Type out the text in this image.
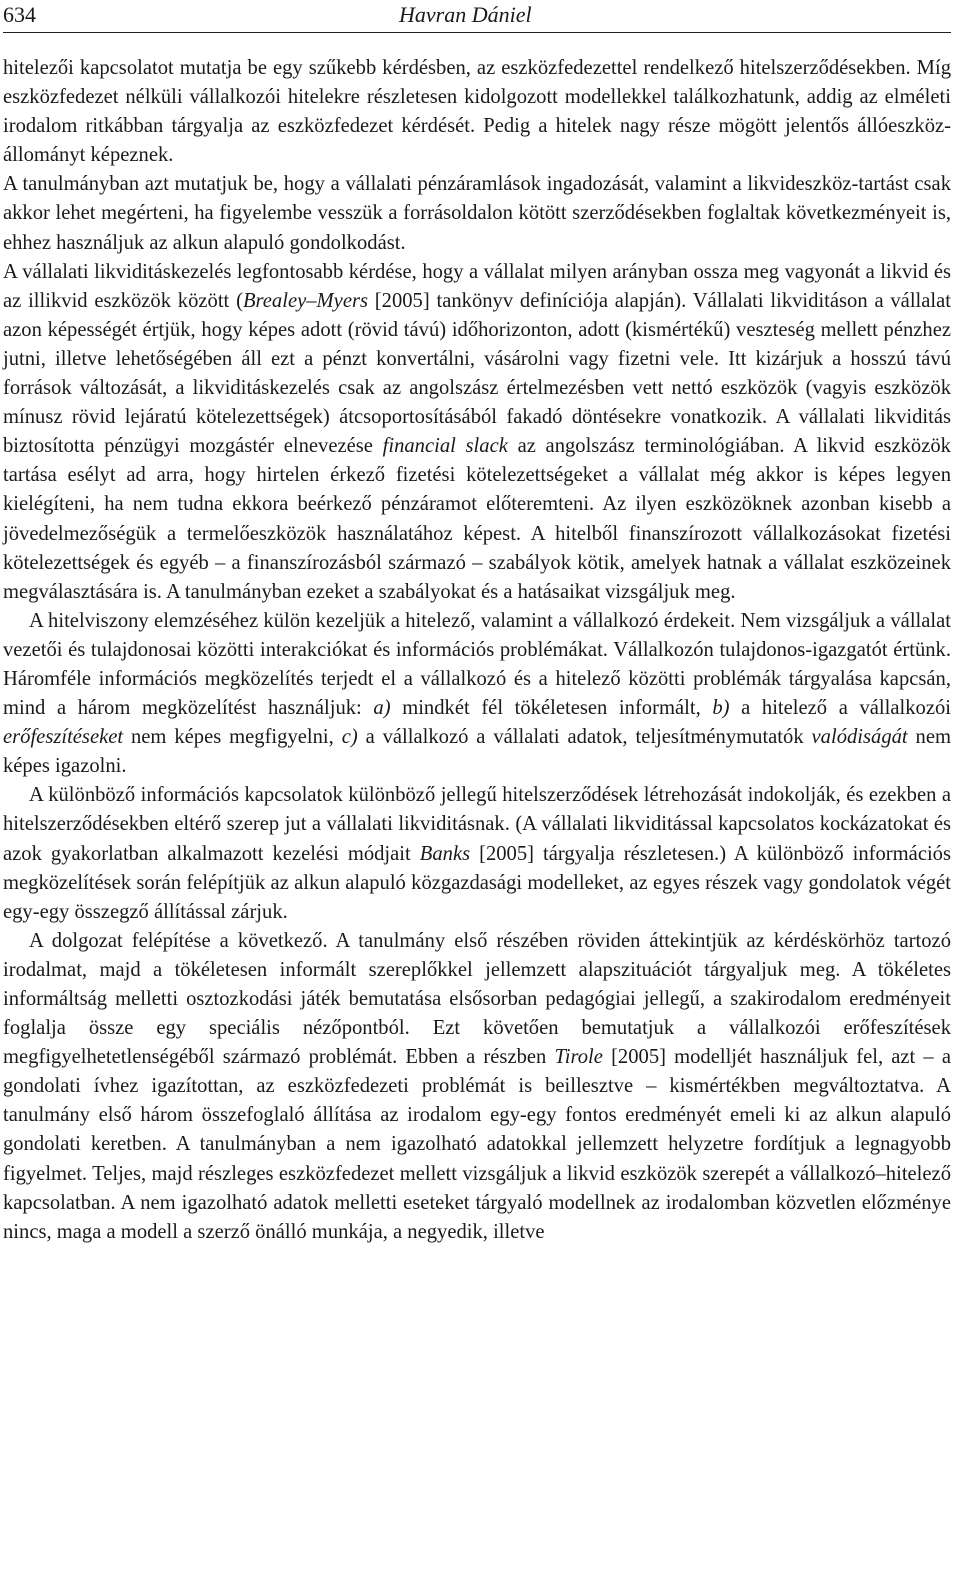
634	Havran Dániel

hitelezői kapcsolatot mutatja be egy szűkebb kérdésben, az eszközfedezettel rendelkező hitelszerződésekben. Míg eszközfedezet nélküli vállalkozói hitelekre részletesen kidolgozott modellekkel találkozhatunk, addig az elméleti irodalom ritkábban tárgyalja az eszközfedezet kérdését. Pedig a hitelek nagy része mögött jelentős állóeszköz-állományt képeznek.

A tanulmányban azt mutatjuk be, hogy a vállalati pénzáramlások ingadozását, valamint a likvideszköz-tartást csak akkor lehet megérteni, ha figyelembe vesszük a forrásoldalon kötött szerződésekben foglaltak következményeit is, ehhez használjuk az alkun alapuló gondolkodást.

A vállalati likviditáskezelés legfontosabb kérdése, hogy a vállalat milyen arányban ossza meg vagyonát a likvid és az illikvid eszközök között (Brealey–Myers [2005] tankönyv definíciója alapján). Vállalati likviditáson a vállalat azon képességét értjük, hogy képes adott (rövid távú) időhorizonton, adott (kismértékű) veszteség mellett pénzhez jutni, illetve lehetőségében áll ezt a pénzt konvertálni, vásárolni vagy fizetni vele. Itt kizárjuk a hosszú távú források változását, a likviditáskezelés csak az angolszász értelmezésben vett nettó eszközök (vagyis eszközök mínusz rövid lejáratú kötelezettségek) átcsoportosításából fakadó döntésekre vonatkozik. A vállalati likviditás biztosította pénzügyi mozgástér elnevezése financial slack az angolszász terminológiában. A likvid eszközök tartása esélyt ad arra, hogy hirtelen érkező fizetési kötelezettségeket a vállalat még akkor is képes legyen kielégíteni, ha nem tudna ekkora beérkező pénzáramot előteremteni. Az ilyen eszközöknek azonban kisebb a jövedelmezőségük a termelőeszközök használatához képest. A hitelből finanszírozott vállalkozásokat fizetési kötelezettségek és egyéb – a finanszírozásból származó – szabályok kötik, amelyek hatnak a vállalat eszközeinek megválasztására is. A tanulmányban ezeket a szabályokat és a hatásaikat vizsgáljuk meg.

A hitelviszony elemzéséhez külön kezeljük a hitelező, valamint a vállalkozó érdekeit. Nem vizsgáljuk a vállalat vezetői és tulajdonosai közötti interakciókat és információs problémákat. Vállalkozón tulajdonos-igazgatót értünk. Háromféle információs megközelítés terjedt el a vállalkozó és a hitelező közötti problémák tárgyalása kapcsán, mind a három megközelítést használjuk: a) mindkét fél tökéletesen informált, b) a hitelező a vállalkozói erőfeszítéseket nem képes megfigyelni, c) a vállalkozó a vállalati adatok, teljesítménymutatók valódiságát nem képes igazolni.

A különböző információs kapcsolatok különböző jellegű hitelszerződések létrehozását indokolják, és ezekben a hitelszerződésekben eltérő szerep jut a vállalati likviditásnak. (A vállalati likviditással kapcsolatos kockázatokat és azok gyakorlatban alkalmazott kezelési módjait Banks [2005] tárgyalja részletesen.) A különböző információs megközelítések során felépítjük az alkun alapuló közgazdasági modelleket, az egyes részek vagy gondolatok végét egy-egy összegző állítással zárjuk.

A dolgozat felépítése a következő. A tanulmány első részében röviden áttekintjük az kérdéskörhöz tartozó irodalmat, majd a tökéletesen informált szereplőkkel jellemzett alapszituációt tárgyaljuk meg. A tökéletes informáltság melletti osztozkodási játék bemutatása elsősorban pedagógiai jellegű, a szakirodalom eredményeit foglalja össze egy speciális nézőpontból. Ezt követően bemutatjuk a vállalkozói erőfeszítések megfigyelhetetlenségéből származó problémát. Ebben a részben Tirole [2005] modelljét használjuk fel, azt – a gondolati ívhez igazítottan, az eszközfedezeti problémát is beillesztve – kismértékben megváltoztatva. A tanulmány első három összefoglaló állítása az irodalom egy-egy fontos eredményét emeli ki az alkun alapuló gondolati keretben. A tanulmányban a nem igazolható adatokkal jellemzett helyzetre fordítjuk a legnagyobb figyelmet. Teljes, majd részleges eszközfedezet mellett vizsgáljuk a likvid eszközök szerepét a vállalkozó–hitelező kapcsolatban. A nem igazolható adatok melletti eseteket tárgyaló modellnek az irodalomban közvetlen előzménye nincs, maga a modell a szerző önálló munkája, a negyedik, illetve
